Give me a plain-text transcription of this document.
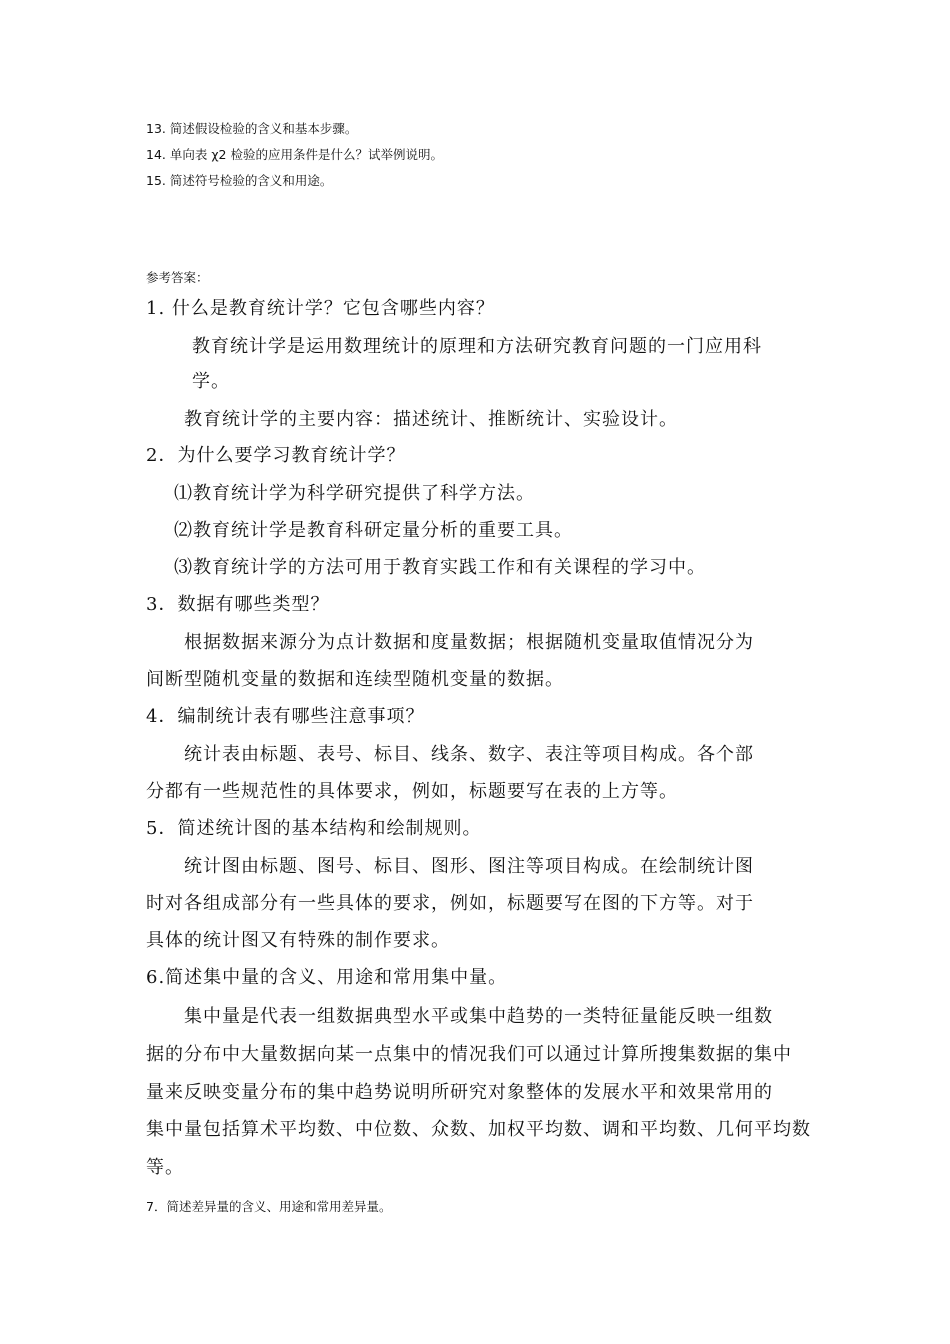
13. 简述假设检验的含义和基本步骤。
14. 单向表 χ2 检验的应用条件是什么？试举例说明。
15. 简述符号检验的含义和用途。
参考答案：
1. 什么是教育统计学？它包含哪些内容？
教育统计学是运用数理统计的原理和方法研究教育问题的一门应用科
学。
教育统计学的主要内容：描述统计、推断统计、实验设计。
2．为什么要学习教育统计学？
⑴教育统计学为科学研究提供了科学方法。
⑵教育统计学是教育科研定量分析的重要工具。
⑶教育统计学的方法可用于教育实践工作和有关课程的学习中。
3．数据有哪些类型？
根据数据来源分为点计数据和度量数据；根据随机变量取值情况分为
间断型随机变量的数据和连续型随机变量的数据。
4．编制统计表有哪些注意事项？
统计表由标题、表号、标目、线条、数字、表注等项目构成。各个部
分都有一些规范性的具体要求，例如，标题要写在表的上方等。
5．简述统计图的基本结构和绘制规则。
统计图由标题、图号、标目、图形、图注等项目构成。在绘制统计图
时对各组成部分有一些具体的要求，例如，标题要写在图的下方等。对于
具体的统计图又有特殊的制作要求。
6.简述集中量的含义、用途和常用集中量。
集中量是代表一组数据典型水平或集中趋势的一类特征量能反映一组数
据的分布中大量数据向某一点集中的情况我们可以通过计算所搜集数据的集中
量来反映变量分布的集中趋势说明所研究对象整体的发展水平和效果常用的
集中量包括算术平均数、中位数、众数、加权平均数、调和平均数、几何平均数
等。
7．简述差异量的含义、用途和常用差异量。
